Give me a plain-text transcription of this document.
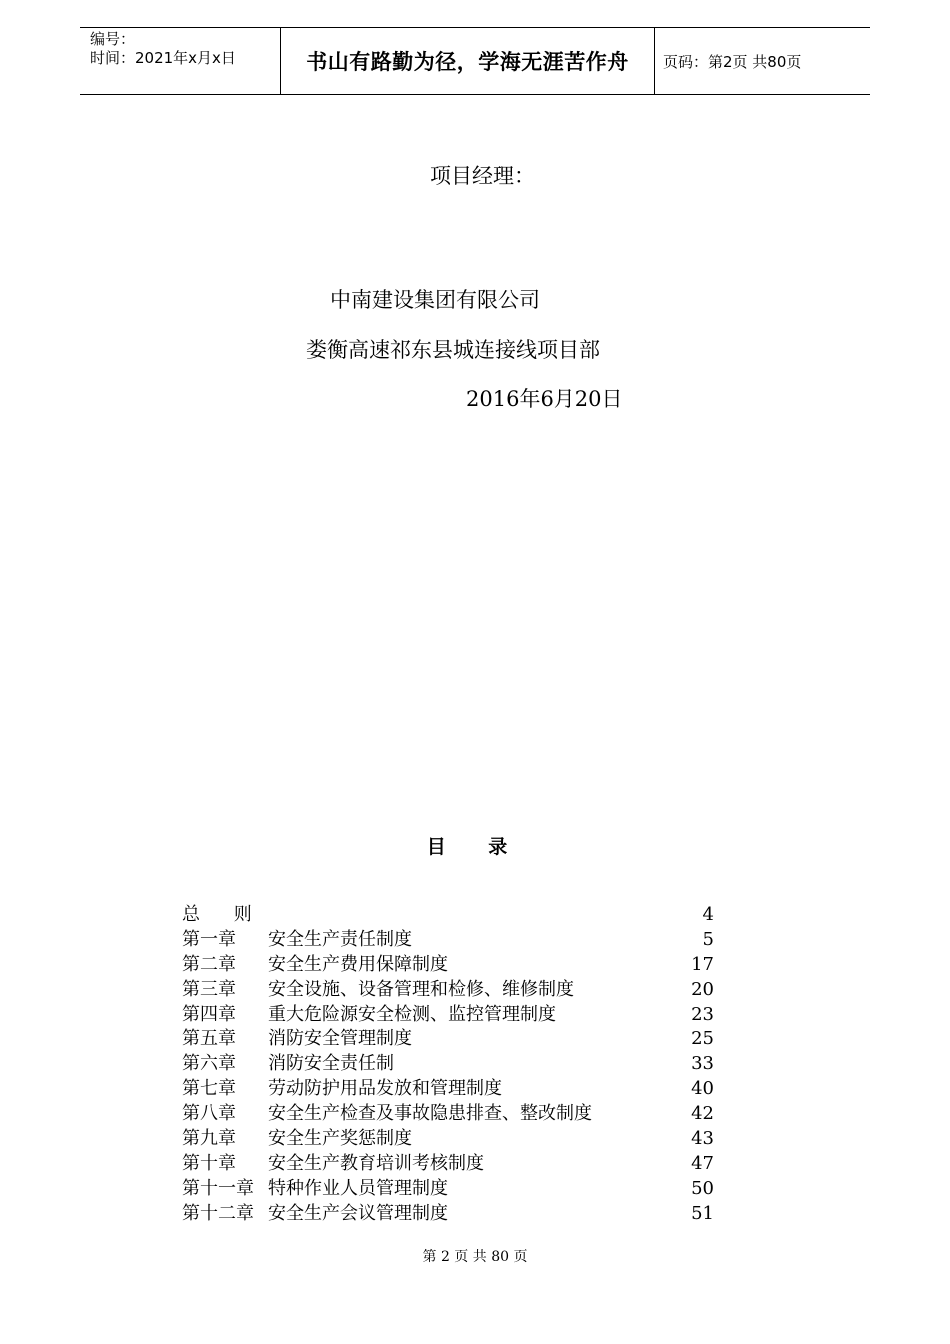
编号：
时间：2021年x月x日	书山有路勤为径，学海无涯苦作舟	页码：第2页 共80页
项目经理：
中南建设集团有限公司
娄衡高速祁东县城连接线项目部
2016年6月20日
目 录
总 则	4
第一章	安全生产责任制度	5
第二章	安全生产费用保障制度	17
第三章	安全设施、设备管理和检修、维修制度	20
第四章	重大危险源安全检测、监控管理制度	23
第五章	消防安全管理制度	25
第六章	消防安全责任制	33
第七章	劳动防护用品发放和管理制度	40
第八章	安全生产检查及事故隐患排查、整改制度	42
第九章	安全生产奖惩制度	43
第十章	安全生产教育培训考核制度	47
第十一章 特种作业人员管理制度	50
第十二章 安全生产会议管理制度	51
第 2 页 共 80 页
